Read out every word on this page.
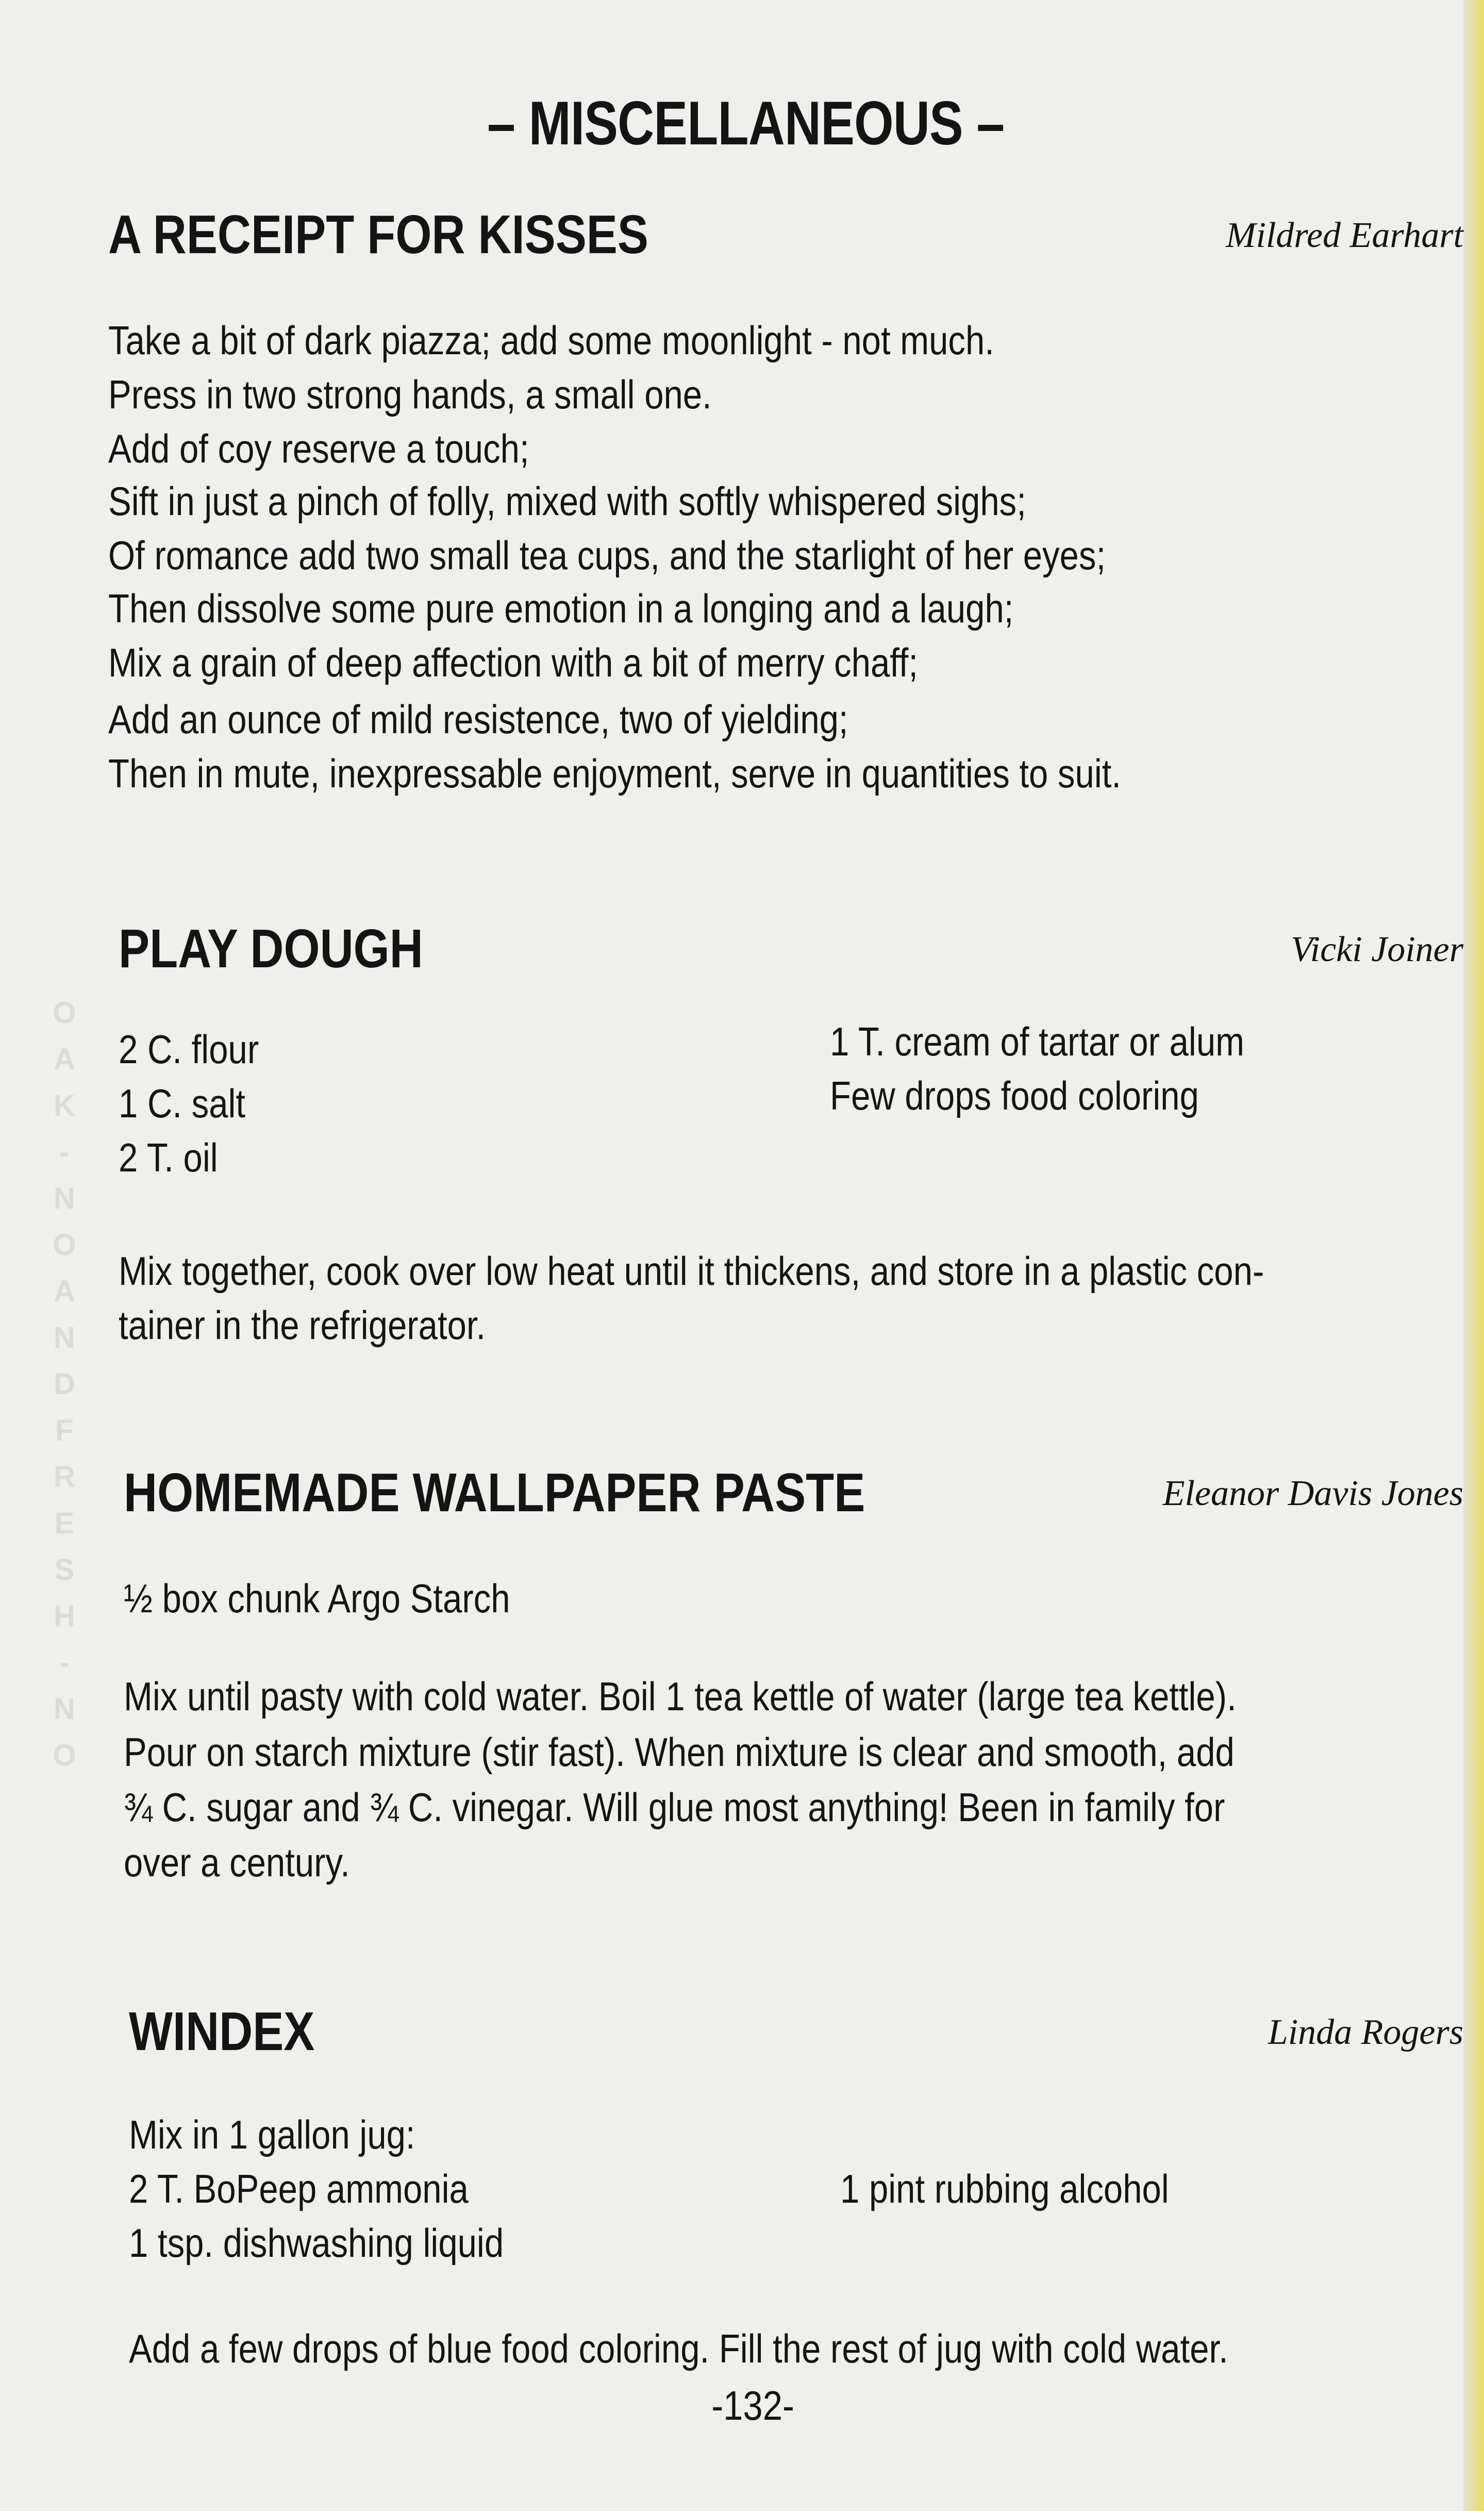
OAK-NO AND FRESH-NO
– MISCELLANEOUS –
A RECEIPT FOR KISSES	Mildred Earhart
Take a bit of dark piazza; add some moonlight - not much.
Press in two strong hands, a small one.
Add of coy reserve a touch;
Sift in just a pinch of folly, mixed with softly whispered sighs;
Of romance add two small tea cups, and the starlight of her eyes;
Then dissolve some pure emotion in a longing and a laugh;
Mix a grain of deep affection with a bit of merry chaff;
Add an ounce of mild resistence, two of yielding;
Then in mute, inexpressable enjoyment, serve in quantities to suit.
PLAY DOUGH	Vicki Joiner
2 C. flour
1 C. salt
2 T. oil
1 T. cream of tartar or alum
Few drops food coloring
Mix together, cook over low heat until it thickens, and store in a plastic con-
tainer in the refrigerator.
HOMEMADE WALLPAPER PASTE	Eleanor Davis Jones
½ box chunk Argo Starch
Mix until pasty with cold water. Boil 1 tea kettle of water (large tea kettle).
Pour on starch mixture (stir fast). When mixture is clear and smooth, add
¾ C. sugar and ¾ C. vinegar. Will glue most anything! Been in family for
over a century.
WINDEX	Linda Rogers
Mix in 1 gallon jug:
2 T. BoPeep ammonia
1 tsp. dishwashing liquid
1 pint rubbing alcohol
Add a few drops of blue food coloring. Fill the rest of jug with cold water.
-132-
